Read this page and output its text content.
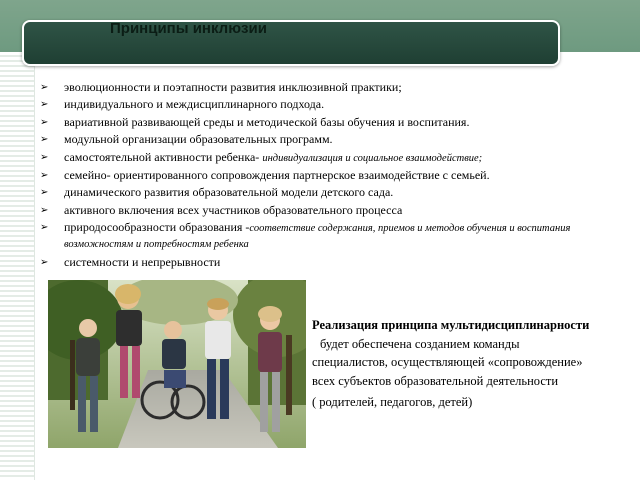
Принципы инклюзии
➢ эволюционности и поэтапности развития инклюзивной практики;
➢ индивидуального и междисциплинарного подхода.
➢ вариативной развивающей среды и методической базы обучения и воспитания.
➢ модульной организации образовательных программ.
➢ самостоятельной активности ребенка- индивидуализация и социальное взаимодействие;
➢ семейно- ориентированного сопровождения партнерское взаимодействие с семьей.
➢ динамического развития образовательной модели детского сада.
➢ активного включения всех участников образовательного процесса
➢ природосообразности образования -соответствие содержания, приемов и методов обучения и воспитания возможностям и потребностям ребенка
➢ системности и непрерывности
Реализация принципа мультидисциплинарности
будет обеспечена созданием команды
специалистов, осуществляющей «сопровождение»
всех субъектов образовательной деятельности
( родителей, педагогов, детей)
